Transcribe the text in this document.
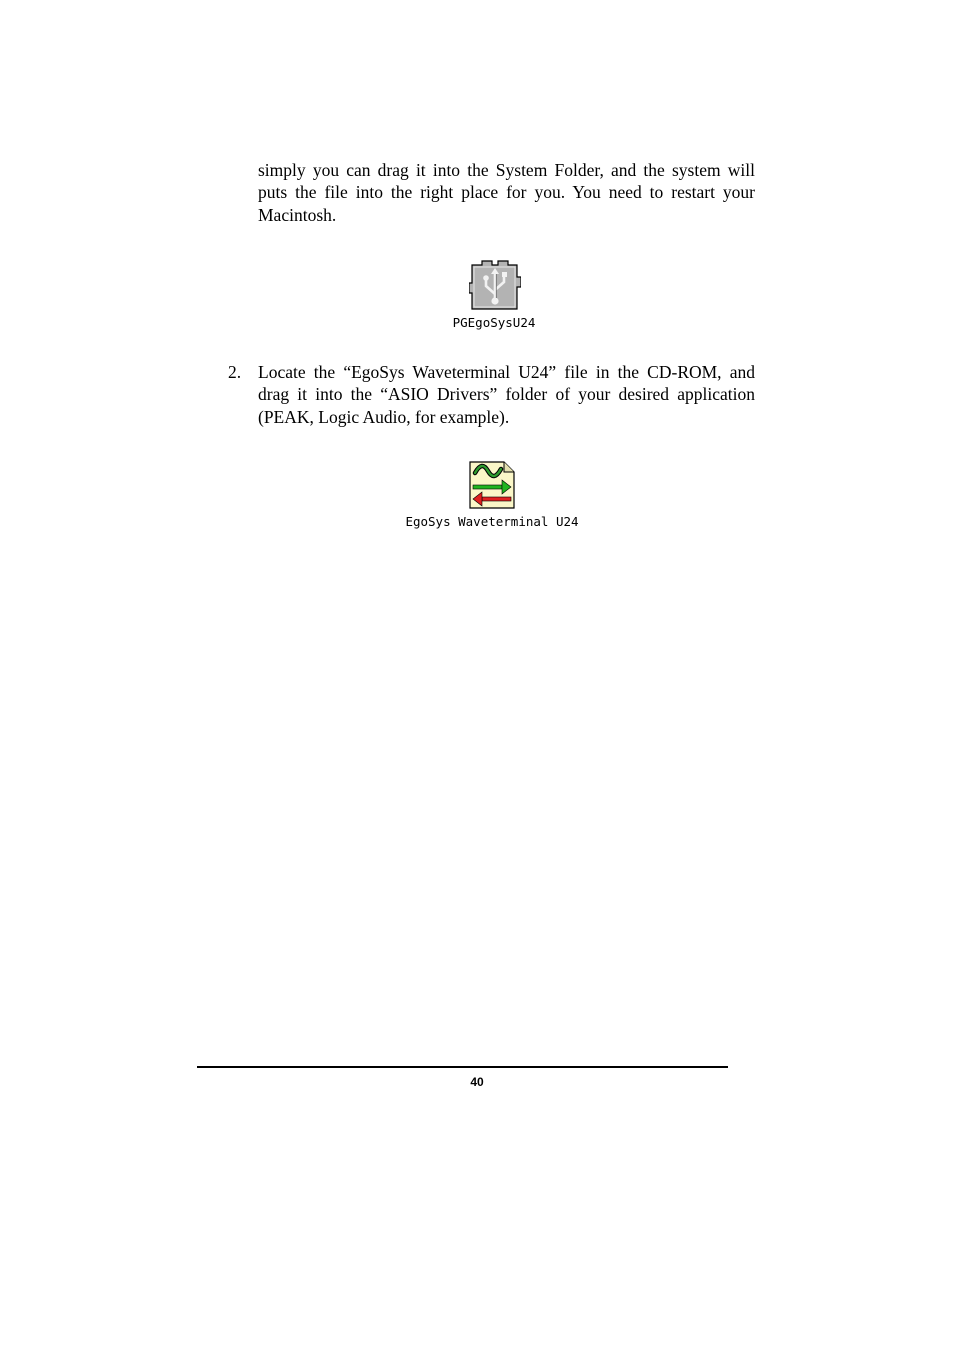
simply you can drag it into the System Folder, and the system will puts the file into the right place for you. You need to restart your Macintosh.

PGEgoSysU24
2. Locate the “EgoSys Waveterminal U24” file in the CD-ROM, and drag it into the “ASIO Drivers” folder of your desired application (PEAK, Logic Audio, for example).

EgoSys Waveterminal U24
40
